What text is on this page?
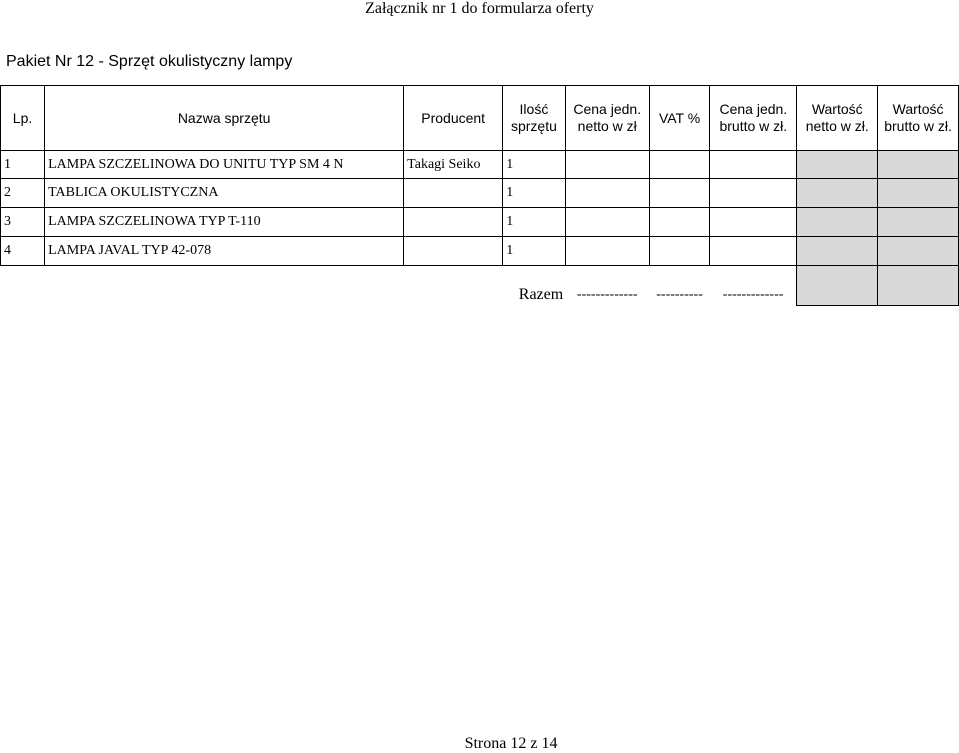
Załącznik nr 1 do formularza oferty
Pakiet Nr 12 - Sprzęt okulistyczny lampy
Lp.	Nazwa sprzętu	Producent	Ilość sprzętu	Cena jedn. netto w zł	VAT %	Cena jedn. brutto w zł.	Wartość netto w zł.	Wartość brutto w zł.
1	LAMPA SZCZELINOWA DO UNITU TYP SM 4 N	Takagi Seiko	1					
2	TABLICA OKULISTYCZNA		1					
3	LAMPA SZCZELINOWA TYP T-110		1					
4	LAMPA JAVAL TYP 42-078		1					
			Razem	-------------	----------	-------------		
Strona 12 z 14
